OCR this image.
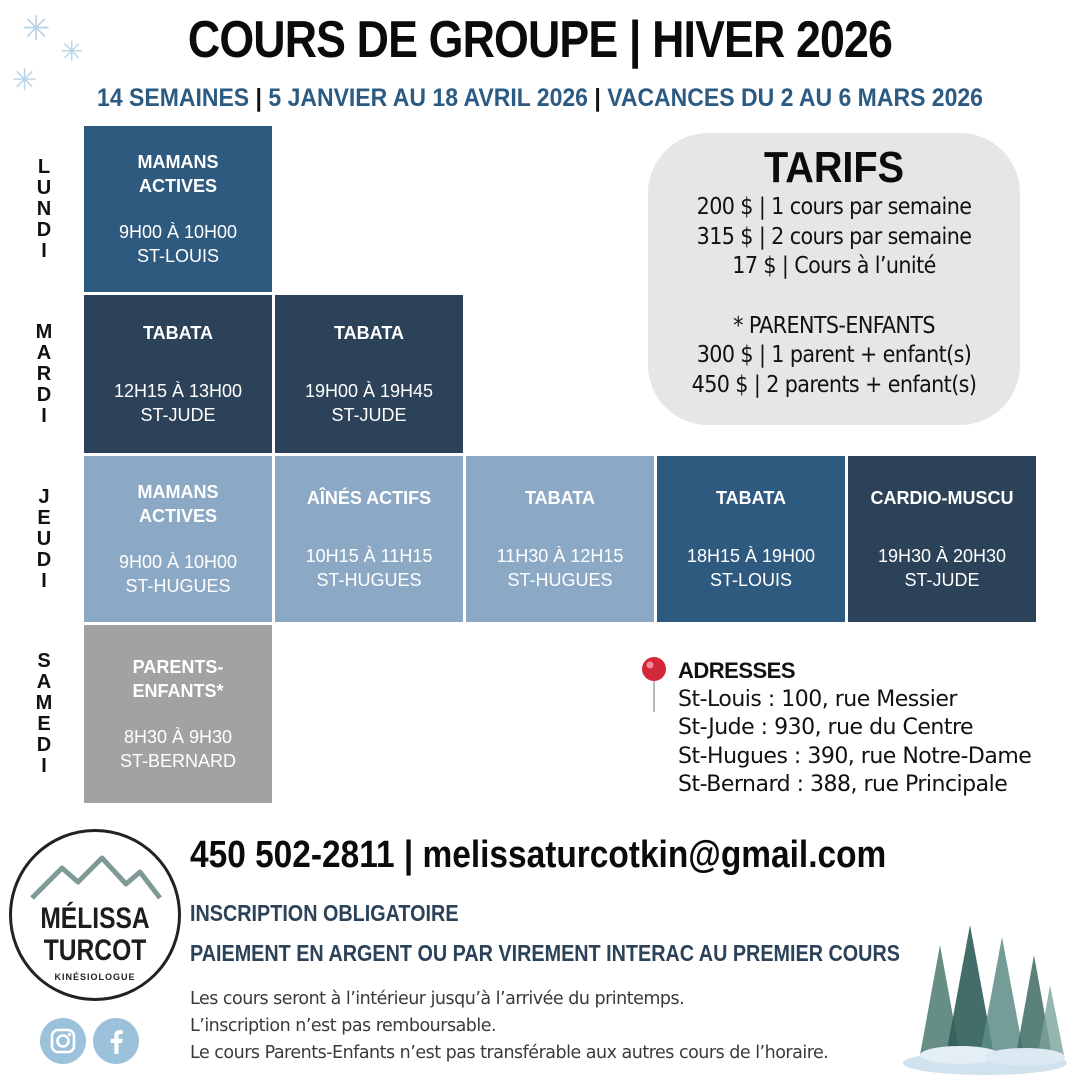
✳
✳
✳
COURS DE GROUPE | HIVER 2026
14 SEMAINES | 5 JANVIER AU 18 AVRIL 2026 | VACANCES DU 2 AU 6 MARS 2026
L
U
N
D
I
M
A
R
D
I
J
E
U
D
I
S
A
M
E
D
I
MAMANS ACTIVES
9H00 À 10H00
ST-LOUIS
TABATA
12H15 À 13H00
ST-JUDE
TABATA
19H00 À 19H45
ST-JUDE
MAMANS ACTIVES
9H00 À 10H00
ST-HUGUES
AÎNÉS ACTIFS
10H15 À 11H15
ST-HUGUES
TABATA
11H30 À 12H15
ST-HUGUES
TABATA
18H15 À 19H00
ST-LOUIS
CARDIO-MUSCU
19H30 À 20H30
ST-JUDE
PARENTS-
ENFANTS*
8H30 À 9H30
ST-BERNARD
TARIFS
200 $ | 1 cours par semaine
315 $ | 2 cours par semaine
17 $ | Cours à l’unité
* PARENTS-ENFANTS
300 $ | 1 parent + enfant(s)
450 $ | 2 parents + enfant(s)
ADRESSES
St-Louis : 100, rue Messier
St-Jude : 930, rue du Centre
St-Hugues : 390, rue Notre-Dame
St-Bernard : 388, rue Principale
MÉLISSA
TURCOT
KINÉSIOLOGUE
450 502-2811 | melissaturcotkin@gmail.com
INSCRIPTION OBLIGATOIRE
PAIEMENT EN ARGENT OU PAR VIREMENT INTERAC AU PREMIER COURS
Les cours seront à l’intérieur jusqu’à l’arrivée du printemps.
L’inscription n’est pas remboursable.
Le cours Parents-Enfants n’est pas transférable aux autres cours de l’horaire.
